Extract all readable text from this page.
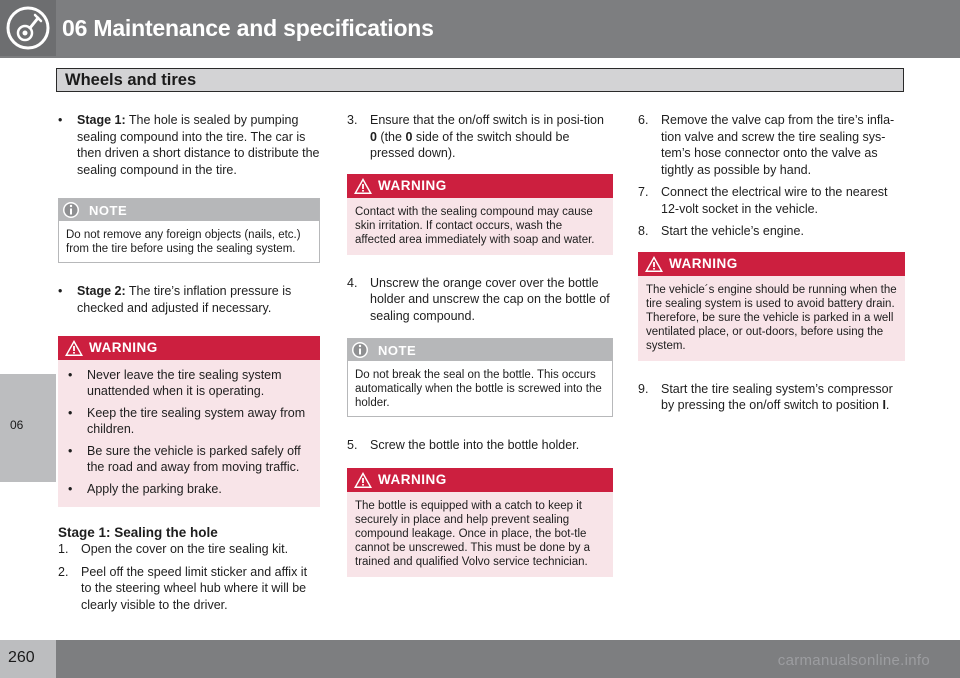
06 Maintenance and specifications
Wheels and tires
06
• Stage 1: The hole is sealed by pumping sealing compound into the tire. The car is then driven a short distance to distribute the sealing compound in the tire.
NOTE
Do not remove any foreign objects (nails, etc.) from the tire before using the sealing system.
• Stage 2: The tire’s inflation pressure is checked and adjusted if necessary.
WARNING
• Never leave the tire sealing system unattended when it is operating.
• Keep the tire sealing system away from children.
• Be sure the vehicle is parked safely off the road and away from moving traffic.
• Apply the parking brake.
Stage 1: Sealing the hole
1. Open the cover on the tire sealing kit.
2. Peel off the speed limit sticker and affix it to the steering wheel hub where it will be clearly visible to the driver.
3. Ensure that the on/off switch is in posi-tion 0 (the 0 side of the switch should be pressed down).
WARNING
Contact with the sealing compound may cause skin irritation. If contact occurs, wash the affected area immediately with soap and water.
4. Unscrew the orange cover over the bottle holder and unscrew the cap on the bottle of sealing compound.
NOTE
Do not break the seal on the bottle. This occurs automatically when the bottle is screwed into the holder.
5. Screw the bottle into the bottle holder.
WARNING
The bottle is equipped with a catch to keep it securely in place and help prevent sealing compound leakage. Once in place, the bot-tle cannot be unscrewed. This must be done by a trained and qualified Volvo service technician.
6. Remove the valve cap from the tire’s infla-tion valve and screw the tire sealing sys-tem’s hose connector onto the valve as tightly as possible by hand.
7. Connect the electrical wire to the nearest 12-volt socket in the vehicle.
8. Start the vehicle’s engine.
WARNING
The vehicle´s engine should be running when the tire sealing system is used to avoid battery drain. Therefore, be sure the vehicle is parked in a well ventilated place, or out-doors, before using the system.
9. Start the tire sealing system’s compressor by pressing the on/off switch to position I.
260	carmanualsonline.info
